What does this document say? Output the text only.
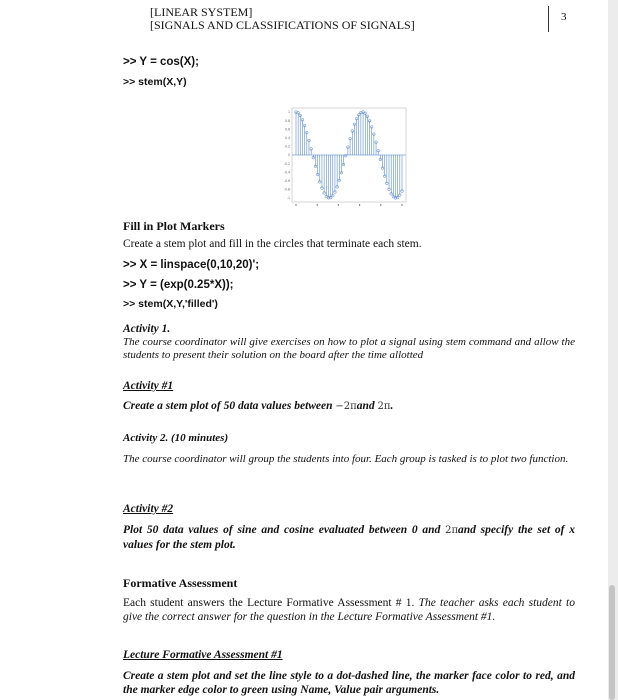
[LINEAR SYSTEM]
[SIGNALS AND CLASSIFICATIONS OF SIGNALS]
3
>> Y = cos(X);
>> stem(X,Y)
1
0.8
0.6
0.4
0.2
0
-0.2
-0.4
-0.6
-0.8
-1
Fill in Plot Markers
Create a stem plot and fill in the circles that terminate each stem.
>> X = linspace(0,10,20)';
>> Y = (exp(0.25*X));
>> stem(X,Y,'filled')
Activity 1.
The course coordinator will give exercises on how to plot a signal using stem command and allow the students to present their solution on the board after the time allotted
Activity #1
Create a stem plot of 50 data values between −2πand 2π.
Activity 2. (10 minutes)
The course coordinator will group the students into four. Each group is tasked is to plot two function.
Activity #2
Plot 50 data values of sine and cosine evaluated between 0 and 2πand specify the set of x values for the stem plot.
Formative Assessment
Each student answers the Lecture Formative Assessment # 1. The teacher asks each student to give the correct answer for the question in the Lecture Formative Assessment #1.
Lecture Formative Assessment #1
Create a stem plot and set the line style to a dot-dashed line, the marker face color to red, and the marker edge color to green using Name, Value pair arguments.
